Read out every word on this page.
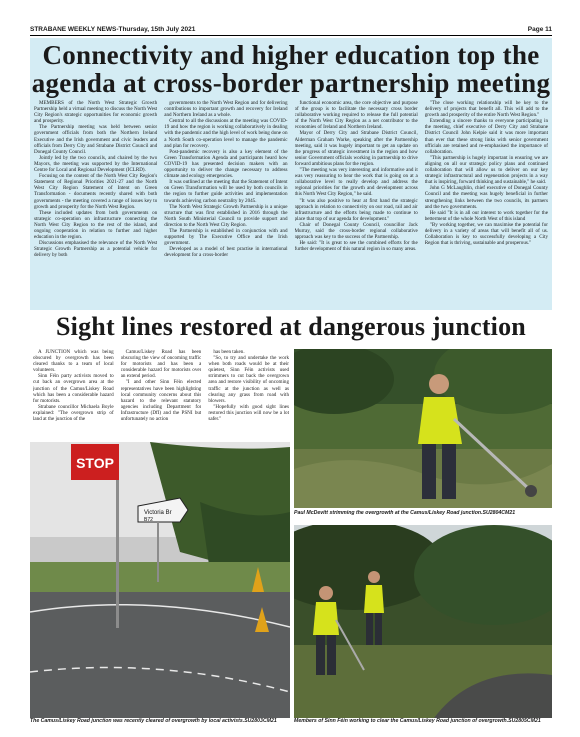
STRABANE WEEKLY NEWS-Thursday, 15th July 2021	Page 11
Connectivity and higher education top the agenda at cross-border partnership meeting

MEMBERS of the North West Strategic Growth Partnership held a virtual meeting to discuss the North West City Region's strategic opportunities for economic growth and prosperity.

The Partnership meeting was held between senior government officials from both the Northern Ireland Executive and the Irish government and civic leaders and officials from Derry City and Strabane District Council and Donegal County Council.

Jointly led by the two councils, and chaired by the two Mayors, the meeting was supported by the International Centre for Local and Regional Development (ICLRD).

Focusing on the content of the North West City Region's Statement of Regional Priorities 2021-27 and the North West City Region Statement of Intent on Green Transformation - documents recently shared with both governments - the meeting covered a range of issues key to growth and prosperity for the North West Region.

These included updates from both governments on strategic co-operation on infrastructure connecting the North West City Region to the rest of the island, and ongoing cooperation in relation to further and higher education in the region.

Discussions emphasised the relevance of the North West Strategic Growth Partnership as a potential vehicle for delivery by both

governments to the North West Region and for delivering contributions to important growth and recovery for Ireland and Northern Ireland as a whole.

Central to all the discussions at the meeting was COVID-19 and how the region is working collaboratively in dealing with the pandemic and the high level of work being done on a North South co-operation level to manage the pandemic and plan for recovery.

Post-pandemic recovery is also a key element of the Green Transformation Agenda and participants heard how COVID-19 has presented decision makers with an opportunity to deliver the change necessary to address climate and ecology emergencies.

It was outlined at the meeting that the Statement of Intent on Green Transformation will be used by both councils in the region to further guide activities and implementation towards achieving carbon neutrality by 2045.

The North West Strategic Growth Partnership is a unique structure that was first established in 2016 through the North South Ministerial Council to provide support and direction to the North West City Region.

The Partnership is established in conjunction with and supported by The Executive Office and the Irish government.

Developed as a model of best practise in international development for a cross-border

functional economic area, the core objective and purpose of the group is to facilitate the necessary cross border collaborative working required to release the full potential of the North West City Region as a net contributor to the economies of Ireland and Northern Ireland.

Mayor of Derry City and Strabane District Council, Alderman Graham Warke, speaking after the Partnership meeting, said it was hugely important to get an update on the progress of strategic investment in the region and how senior Government officials working in partnership to drive forward ambitious plans for the region.

"The meeting was very interesting and informative and it was very reassuring to hear the work that is going on at a collaborative level to really develop and address the regional priorities for the growth and development across this North West City Region," he said.

"It was also positive to hear at first hand the strategic approach in relation to connectivity on our road, rail and air infrastructure and the efforts being made to continue to place that top of our agenda for development."

Chair of Donegal County Council, councillor Jack Murray, said the cross-border regional collaborative approach was key to the success of the Partnership.

He said: "It is great to see the combined efforts for the further development of this natural region in so many areas.

"The close working relationship will be key to the delivery of projects that benefit all. This will add to the growth and prosperity of the entire North West Region."

Extending a sincere thanks to everyone participating in the meeting, chief executive of Derry City and Strabane District Council John Kelpie said it was more important than ever that these strong links with senior government officials are retained and re-emphasised the importance of collaboration.

"This partnership is hugely important in ensuring we are aligning on all our strategic policy plans and continued collaboration that will allow us to deliver on our key strategic infrastructural and regeneration projects in a way that is inspiring, forward thinking and sustainable," he said.

John G McLaughlin, chief executive of Donegal County Council and the meeting was hugely beneficial in further strengthening links between the two councils, its partners and the two governments.

He said "It is in all our interest to work together for the betterment of the whole North West of this island

"By working together, we can maximise the potential for delivery in a variety of areas that will benefit all of us. Collaboration is key to successfully developing a City Region that is thriving, sustainable and prosperous."

Sight lines restored at dangerous junction

A JUNCTION which was being obscured by overgrowth has been cleared thanks to a team of local volunteers.

Sinn Féin party activists moved to cut back an overgrown area at the junction of the Camus/Liskey Road which has been a considerable hazard for motorists.

Strabane councillor Michaela Boyle explained: "The overgrown strip of land at the junction of the

Camus/Liskey Road has been obscuring the view of oncoming traffic for motorists and has been a considerable hazard for motorists over an extend period.

"I and other Sinn Féin elected representatives have been highlighting local community concerns about this hazard to the relevant statutory agencies including Department for Infrastructure (DfI) and the PSNI but unfortunately no action

has been taken.

"So, to try and undertake the work when both roads would be at their quietest, Sinn Féin activists used strimmers to cut back the overgrown area and restore visibility of oncoming traffic at the junction as well as clearing any grass from road with blowers.

"Hopefully with good sight lines restored this junction will now be a lot safer."

Paul McDevitt strimming the overgrowth at the Camus/Liskey Road junction.SU2804CM21
STOP
Victoria Br
B72
The Camus/Liskey Road junction was recently cleared of overgrowth by local activists.SU2803CM21	Members of Sinn Féin working to clear the Camus/Liskey Road junction of overgrowth.SU2805CM21
